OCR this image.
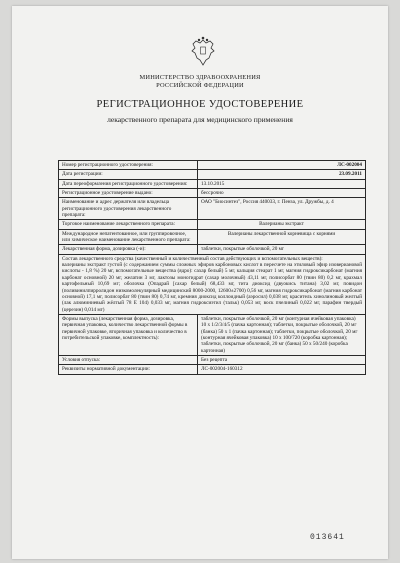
МИНИСТЕРСТВО ЗДРАВООХРАНЕНИЯ
РОССИЙСКОЙ ФЕДЕРАЦИИ
РЕГИСТРАЦИОННОЕ УДОСТОВЕРЕНИЕ
лекарственного препарата для медицинского применения
Номер регистрационного удостоверения:	ЛС-002004
Дата регистрации:	23.09.2011
Дата переоформления регистрационного удостоверения:	13.10.2015
Регистрационное удостоверение выдано:	бессрочно
Наименование и адрес держателя или владельца регистрационного удостоверения лекарственного препарата:	ОАО "Биосинтез", Россия 440033, г. Пенза, ул. Дружбы, д. 4
Торговое наименование лекарственного препарата:	Валерианы экстракт
Международное непатентованное, или группировочное, или химическое наименование лекарственного препарата:	Валерианы лекарственной корневища с корнями
Лекарственная форма, дозировка (-и):	таблетки, покрытые оболочкой, 20 мг

Состав лекарственного средства (качественный и количественный состав действующих и вспомогательных веществ):
валерианы экстракт густой (с содержанием суммы сложных эфиров карбоновых кислот в пересчете на этиловый эфир изовериановой кислоты - 1,8 %) 20 мг, вспомогательные вещества (ядро): сахар белый) 5 мг, кальция стеарат 1 мг, магния гидроксикарбонат (магния карбонат основной) 20 мг, желатин 3 мг, лактозы моногидрат (сахар молочный) 43,11 мг, полисорбат 80 (твин 80) 0,2 мг, крахмал картофельный 10,69 мг; оболочка (Опадрай [сахар белый) 68,433 мг, тита диоксид (двуокись титана) 3,02 мг, повидон (поливинилпирролидон низкомолекулярный медицинский 8000-2000, 12600±2700) 0,56 мг, магния гидроксикарбонат (магния карбонат основной) 17,1 мг, полисорбат 80 (твин 80) 0,74 мг, кремния диоксид коллоидный (аэросил) 0,038 мг, краситель хинолиновый желтый (лак алюминиевый жёлтый 78 Е 104) 0,033 мг, магния гидроксиэтил (тальк) 0,053 мг, воск пчелиный 0,022 мг, парафин твердый (церезин) 0,014 мг)	

Формы выпуска (лекарственная форма, дозировка, первичная упаковка, количество лекарственной формы в первичной упаковке, вторичная упаковка и количество в потребительской упаковке, комплектность):	таблетки, покрытые оболочкой, 20 мг (контурная ячейковая упаковка) 10 х 1/2/3/4/5 (пачка картонная); таблетки, покрытые оболочкой, 20 мг (банка) 50 х 1 (пачка картонная); таблетки, покрытые оболочкой, 20 мг (контурная ячейковая упаковка) 10 х 100/720 (коробка картонная); таблетки, покрытые оболочкой, 20 мг (банка) 50 х 50/240 (коробка картонная)
Условия отпуска:	Без рецепта
Реквизиты нормативной документации:	ЛС-002004-160312
013641
